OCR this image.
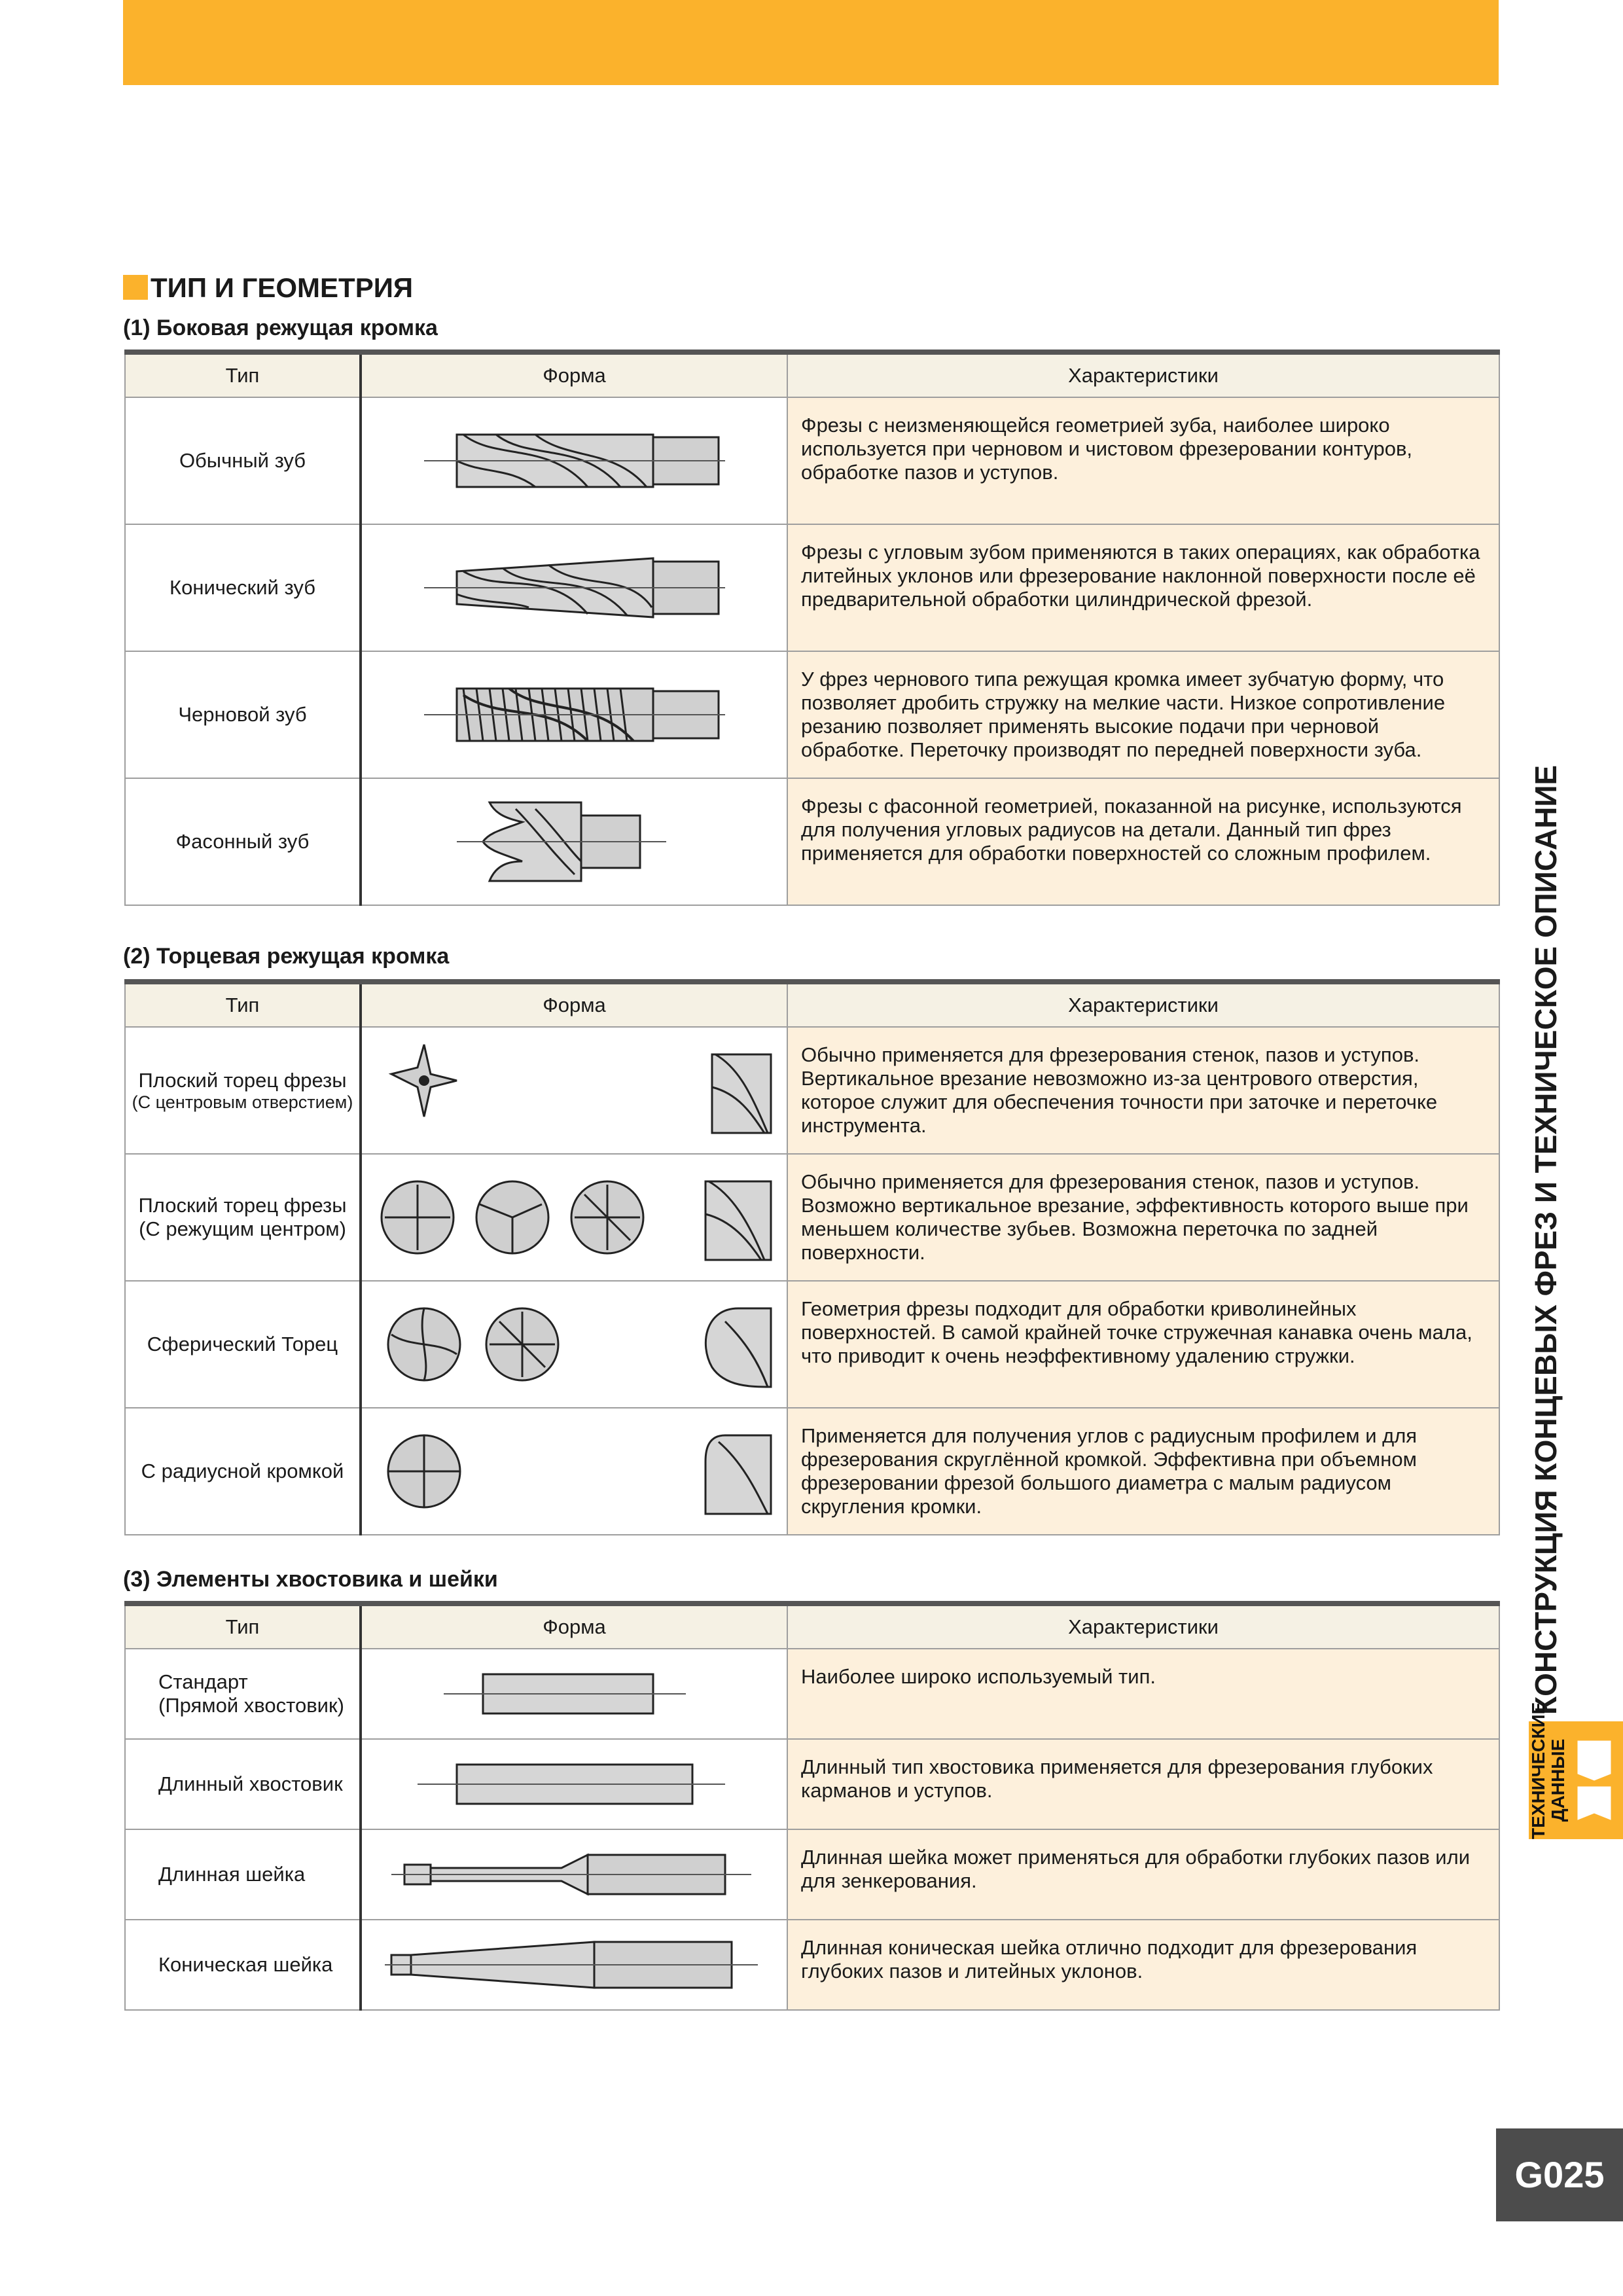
ТИП И ГЕОМЕТРИЯ
(1) Боковая режущая кромка
Тип	Форма	Характеристики
Обычный зуб		Фрезы с неизменяющейся геометрией зуба, наиболее широко используется при черновом и чистовом фрезеровании контуров, обработке пазов и уступов.
Конический зуб		Фрезы с угловым зубом применяются в таких операциях, как обработка литейных уклонов или фрезерование наклонной поверхности после её предварительной обработки цилиндрической фрезой.
Черновой зуб		У фрез чернового типа режущая кромка имеет зубчатую форму, что позволяет дробить стружку на мелкие части. Низкое сопротивление резанию позволяет применять высокие подачи при черновой обработке. Переточку производят по передней поверхности зуба.
Фасонный зуб		Фрезы с фасонной геометрией, показанной на рисунке, используются для получения угловых радиусов на детали. Данный тип фрез применяется для обработки поверхностей со сложным профилем.
(2) Торцевая режущая кромка
Тип	Форма	Характеристики

Плоский торец фрезы
(С центровым отверстием)		Обычно применяется для фрезерования стенок, пазов и уступов. Вертикальное врезание невозможно из-за центрового отверстия, которое служит для обеспечения точности при заточке и переточке инструмента.

Плоский торец фрезы
(С режущим центром)		Обычно применяется для фрезерования стенок, пазов и уступов. Возможно вертикальное врезание, эффективность которого выше при меньшем количестве зубьев. Возможна переточка по задней поверхности.
Сферический Торец		Геометрия фрезы подходит для обработки криволинейных поверхностей. В самой крайней точке стружечная канавка очень мала, что приводит к очень неэффективному удалению стружки.
С радиусной кромкой		Применяется для получения углов с радиусным профилем и для фрезерования скруглённой кромкой. Эффективна при объемном фрезеровании фрезой большого диаметра с малым радиусом скругления кромки.
(3) Элементы хвостовика и шейки
Тип	Форма	Характеристики

Стандарт
(Прямой хвостовик)		Наиболее широко используемый тип.
Длинный хвостовик		Длинный тип хвостовика применяется для фрезерования глубоких карманов и уступов.
Длинная шейка		Длинная шейка может применяться для обработки глубоких пазов или для зенкерования.
Коническая шейка		Длинная коническая шейка отлично подходит для фрезерования глубоких пазов и литейных уклонов.
КОНСТРУКЦИЯ КОНЦЕВЫХ ФРЕЗ И ТЕХНИЧЕСКОЕ ОПИСАНИЕ
ТЕХНИЧЕСКИЕ ДАННЫЕ
G025
